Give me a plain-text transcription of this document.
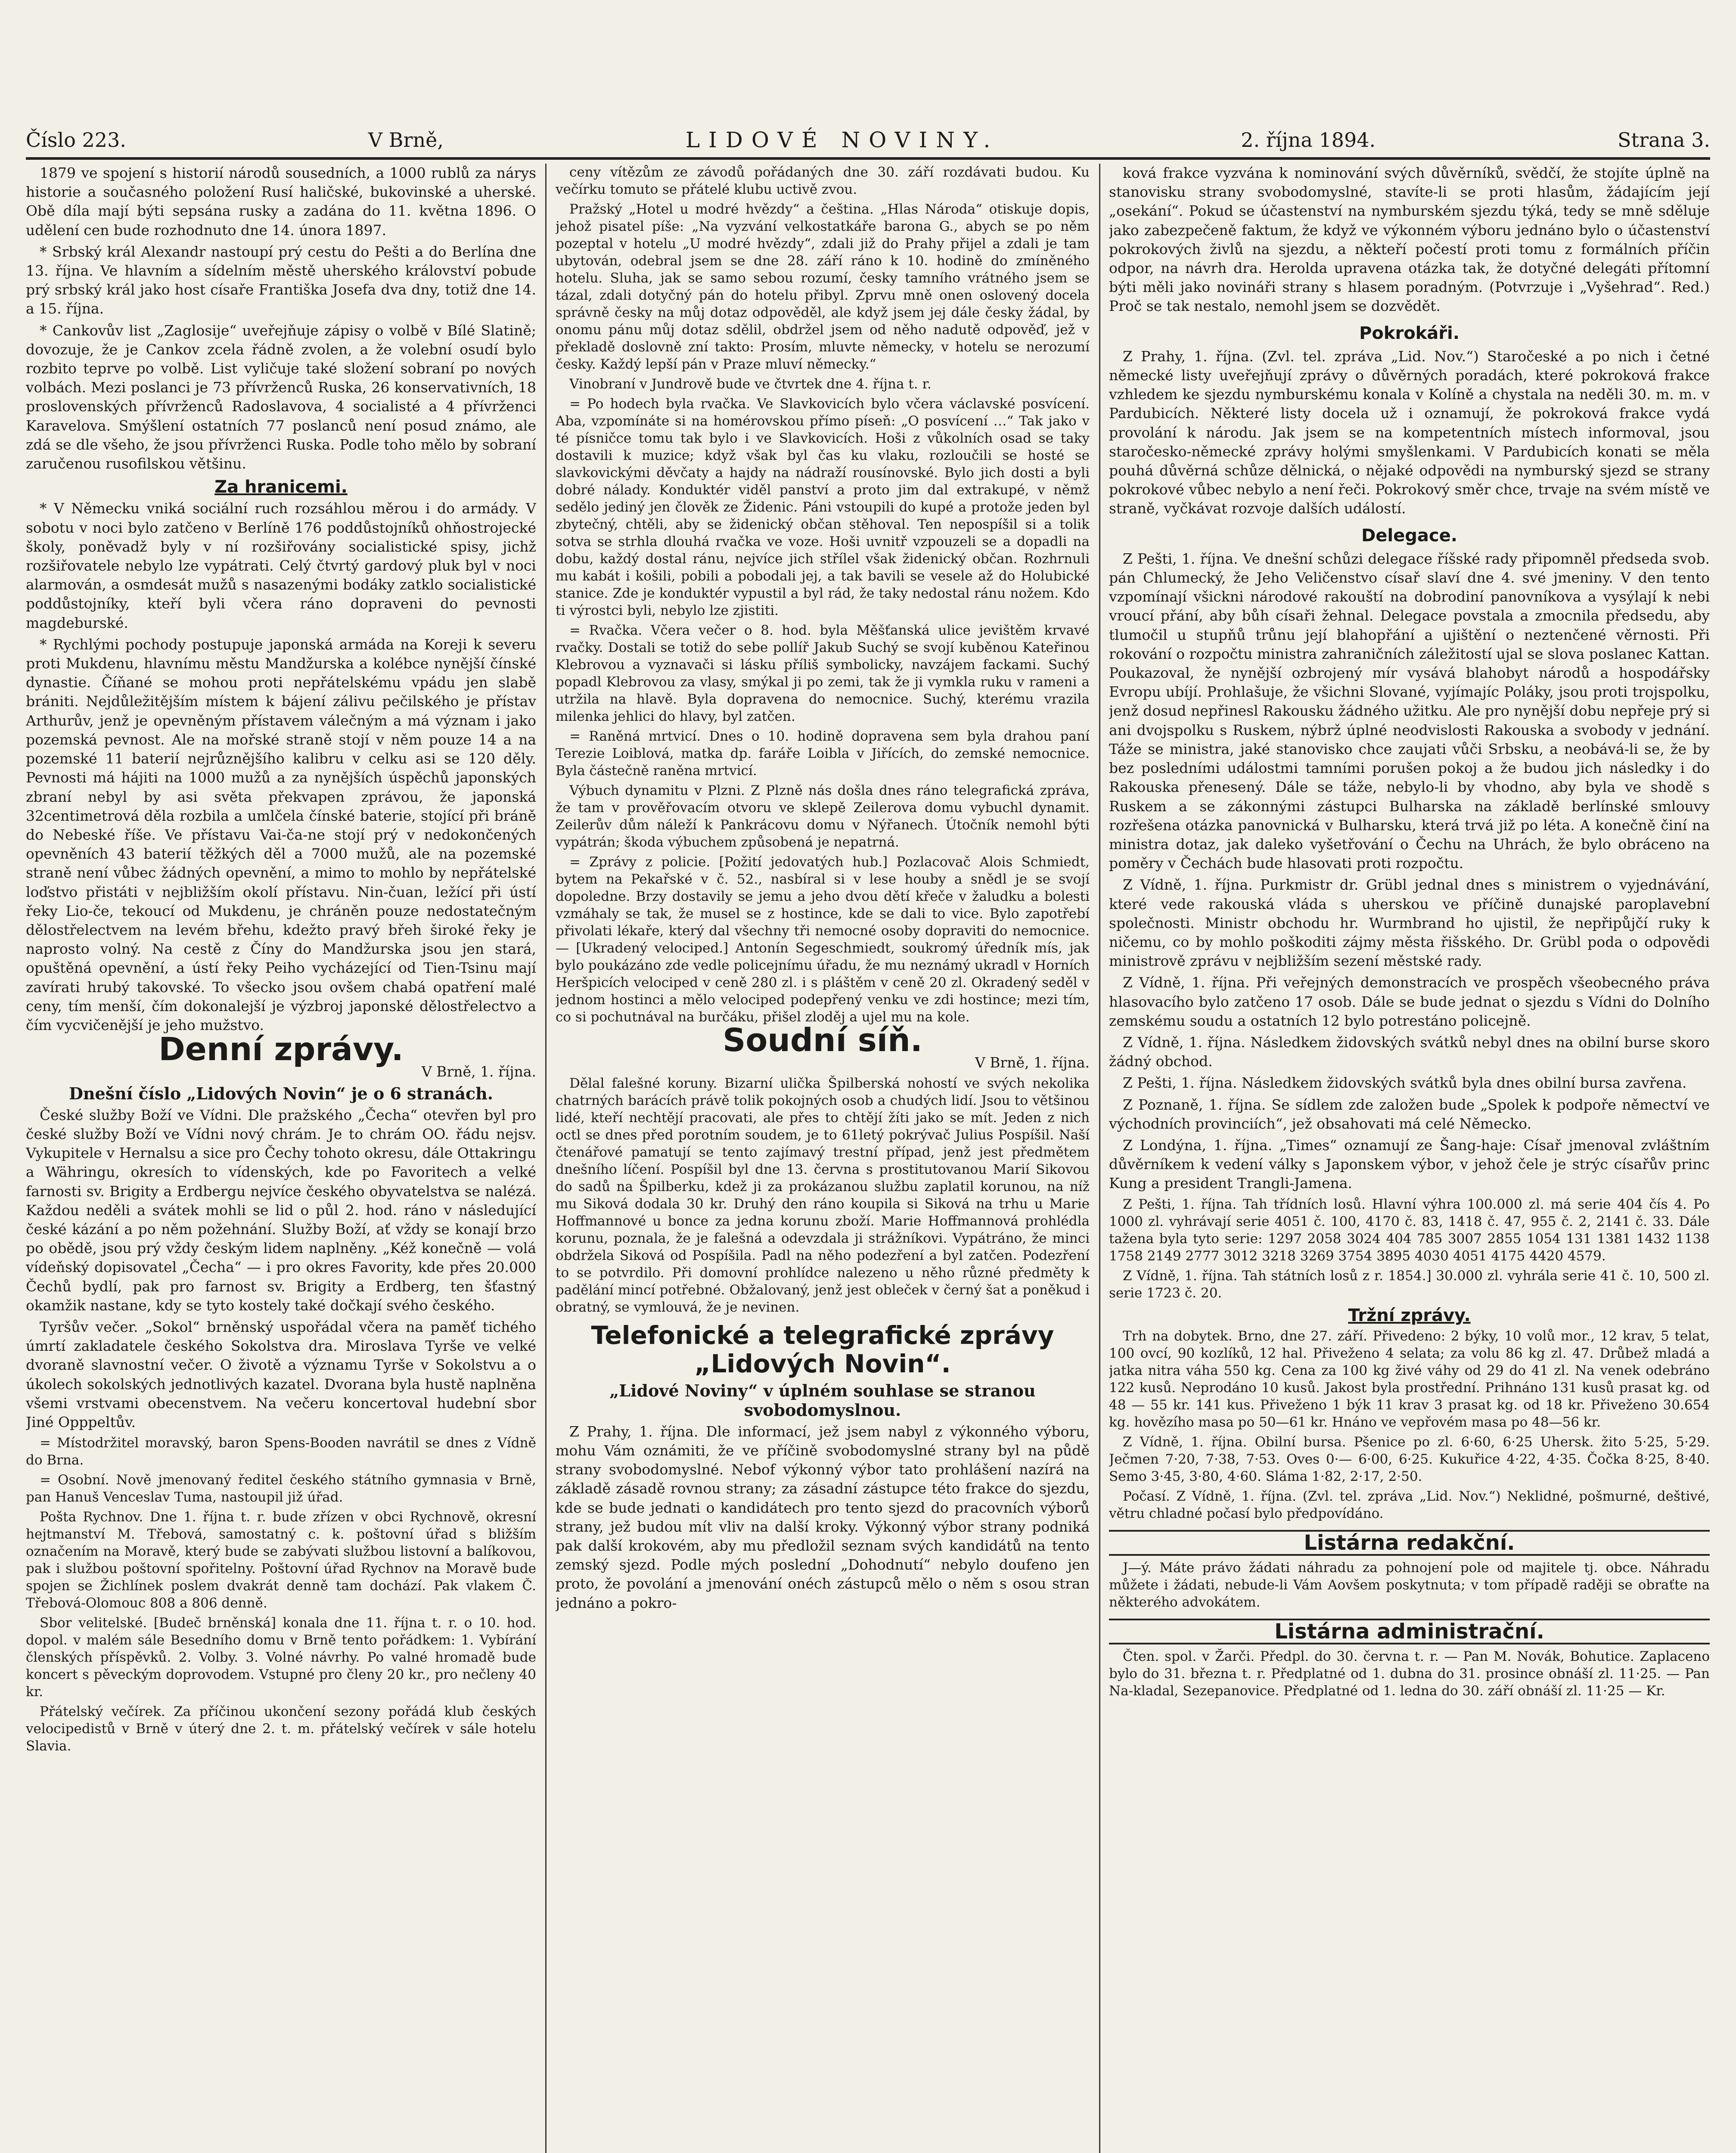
Číslo 223.	V Brně,	LIDOVÉ NOVINY.	2. října 1894.	Strana 3.

1879 ve spojení s historií národů sousedních, a 1000 rublů za nárys historie a současného položení Rusí haličské, bukovinské a uherské. Obě díla mají býti sepsána rusky a zadána do 11. května 1896. O udělení cen bude rozhodnuto dne 14. února 1897.

* Srbský král Alexandr nastoupí prý cestu do Pešti a do Berlína dne 13. října. Ve hlavním a sídelním městě uherského království pobude prý srbský král jako host císaře Františka Josefa dva dny, totiž dne 14. a 15. října.

* Cankovův list „Zaglosije“ uveřejňuje zápisy o volbě v Bílé Slatině; dovozuje, že je Cankov zcela řádně zvolen, a že volební osudí bylo rozbito teprve po volbě. List vyličuje také složení sobraní po nových volbách. Mezi poslanci je 73 přívrženců Ruska, 26 konservativních, 18 proslovenských přívrženců Radoslavova, 4 socialisté a 4 přívrženci Karavelova. Smýšlení ostatních 77 poslanců není posud známo, ale zdá se dle všeho, že jsou přívrženci Ruska. Podle toho mělo by sobraní zaručenou rusofilskou většinu.

Za hranicemi.

* V Německu vniká sociální ruch rozsáhlou měrou i do armády. V sobotu v noci bylo zatčeno v Berlíně 176 poddůstojníků ohňostrojecké školy, poněvadž byly v ní rozšiřovány socialistické spisy, jichž rozšiřovatele nebylo lze vypátrati. Celý čtvrtý gardový pluk byl v noci alarmován, a osmdesát mužů s nasazenými bodáky zatklo socialistické poddůstojníky, kteří byli včera ráno dopraveni do pevnosti magdeburské.

* Rychlými pochody postupuje japonská armáda na Koreji k severu proti Mukdenu, hlavnímu městu Mandžurska a kolébce nynější čínské dynastie. Číňané se mohou proti nepřátelskému vpádu jen slabě brániti. Nejdůležitějším místem k bájení zálivu pečilského je přístav Arthurův, jenž je opevněným přístavem válečným a má význam i jako pozemská pevnost. Ale na mořské straně stojí v něm pouze 14 a na pozemské 11 baterií nejrůznějšího kalibru v celku asi se 120 děly. Pevnosti má hájiti na 1000 mužů a za nynějších úspěchů japonských zbraní nebyl by asi světa překvapen zprávou, že japonská 32centimetrová děla rozbila a umlčela čínské baterie, stojící při bráně do Nebeské říše. Ve přístavu Vai-ča-ne stojí prý v nedokončených opevněních 43 baterií těžkých děl a 7000 mužů, ale na pozemské straně není vůbec žádných opevnění, a mimo to mohlo by nepřátelské loďstvo přistáti v nejbližším okolí přístavu. Nin-čuan, ležící při ústí řeky Lio-če, tekoucí od Mukdenu, je chráněn pouze nedostatečným dělostřelectvem na levém břehu, kdežto pravý břeh široké řeky je naprosto volný. Na cestě z Číny do Mandžurska jsou jen stará, opuštěná opevnění, a ústí řeky Peiho vycházející od Tien-Tsinu mají zavírati hrubý takovské. To všecko jsou ovšem chabá opatření malé ceny, tím menší, čím dokonalejší je výzbroj japonské dělostřelectvo a čím vycvičenější je jeho mužstvo.

Denní zprávy.

V Brně, 1. října.

Dnešní číslo „Lidových Novin“ je o 6 stranách.

České služby Boží ve Vídni. Dle pražského „Čecha“ otevřen byl pro české služby Boží ve Vídni nový chrám. Je to chrám OO. řádu nejsv. Vykupitele v Hernalsu a sice pro Čechy tohoto okresu, dále Ottakringu a Währingu, okresích to vídenských, kde po Favoritech a velké farnosti sv. Brigity a Erdbergu nejvíce českého obyvatelstva se nalézá. Každou neděli a svátek mohli se lid o půl 2. hod. ráno v následující české kázání a po něm požehnání. Služby Boží, ať vždy se konají brzo po obědě, jsou prý vždy českým lidem naplněny. „Kéž konečně — volá vídeňský dopisovatel „Čecha“ — i pro okres Favority, kde přes 20.000 Čechů bydlí, pak pro farnost sv. Brigity a Erdberg, ten šťastný okamžik nastane, kdy se tyto kostely také dočkají svého českého.

Tyršův večer. „Sokol“ brněnský uspořádal včera na paměť tichého úmrtí zakladatele českého Sokolstva dra. Miroslava Tyrše ve velké dvoraně slavnostní večer. O životě a významu Tyrše v Sokolstvu a o úkolech sokolských jednotlivých kazatel. Dvorana byla hustě naplněna všemi vrstvami obecenstvem. Na večeru koncertoval hudební sbor Jiné Opppeltův.

= Místodržitel moravský, baron Spens-Booden navrátil se dnes z Vídně do Brna.

= Osobní. Nově jmenovaný ředitel českého státního gymnasia v Brně, pan Hanuš Venceslav Tuma, nastoupil již úřad.

Pošta Rychnov. Dne 1. října t. r. bude zřízen v obci Rychnově, okresní hejtmanství M. Třebová, samostatný c. k. poštovní úřad s bližším označením na Moravě, který bude se zabývati službou listovní a balíkovou, pak i službou poštovní spořitelny. Poštovní úřad Rychnov na Moravě bude spojen se Žichlínek poslem dvakrát denně tam dochází. Pak vlakem Č. Třebová-Olomouc 808 a 806 denně.

Sbor velitelské. [Budeč brněnská] konala dne 11. října t. r. o 10. hod. dopol. v malém sále Besedního domu v Brně tento pořádkem: 1. Vybírání členských příspěvků. 2. Volby. 3. Volné návrhy. Po valné hromadě bude koncert s pěveckým doprovodem. Vstupné pro členy 20 kr., pro nečleny 40 kr.

Přátelský večírek. Za příčinou ukončení sezony pořádá klub českých velocipedistů v Brně v úterý dne 2. t. m. přátelský večírek v sále hotelu Slavia.

ceny vítězům ze závodů pořádaných dne 30. září rozdávati budou. Ku večírku tomuto se přátelé klubu uctivě zvou.

Pražský „Hotel u modré hvězdy“ a čeština. „Hlas Národa“ otiskuje dopis, jehož pisatel píše: „Na vyzvání velkostatkáře barona G., abych se po něm pozeptal v hotelu „U modré hvězdy“, zdali již do Prahy přijel a zdali je tam ubytován, odebral jsem se dne 28. září ráno k 10. hodině do zmíněného hotelu. Sluha, jak se samo sebou rozumí, česky tamního vrátného jsem se tázal, zdali dotyčný pán do hotelu přibyl. Zprvu mně onen oslovený docela správně česky na můj dotaz odpověděl, ale když jsem jej dále česky žádal, by onomu pánu můj dotaz sdělil, obdržel jsem od něho nadutě odpověď, jež v překladě doslovně zní takto: Prosím, mluvte německy, v hotelu se nerozumí česky. Každý lepší pán v Praze mluví německy.“

Vinobraní v Jundrově bude ve čtvrtek dne 4. října t. r.

= Po hodech byla rvačka. Ve Slavkovicích bylo včera václavské posvícení. Aba, vzpomínáte si na homérovskou přímo píseň: „O posvícení …“ Tak jako v té písničce tomu tak bylo i ve Slavkovicích. Hoši z vůkolních osad se taky dostavili k muzice; když však byl čas ku vlaku, rozloučili se hosté se slavkovickými děvčaty a hajdy na nádraží rousínovské. Bylo jich dosti a byli dobré nálady. Konduktér viděl panství a proto jim dal extrakupé, v němž sedělo jediný jen člověk ze Židenic. Páni vstoupili do kupé a protože jeden byl zbytečný, chtěli, aby se židenický občan stěhoval. Ten nepospíšil si a tolik sotva se strhla dlouhá rvačka ve voze. Hoši uvnitř vzpouzeli se a dopadli na dobu, každý dostal ránu, nejvíce jich střílel však židenický občan. Rozhrnuli mu kabát i košili, pobili a pobodali jej, a tak bavili se vesele až do Holubické stanice. Zde je konduktér vypustil a byl rád, že taky nedostal ránu nožem. Kdo ti výrostci byli, nebylo lze zjistiti.

= Rvačka. Včera večer o 8. hod. byla Měšťanská ulice jevištěm krvavé rvačky. Dostali se totiž do sebe pollíř Jakub Suchý se svojí kuběnou Kateřinou Klebrovou a vyznavači si lásku příliš symbolicky, navzájem fackami. Suchý popadl Klebrovou za vlasy, smýkal ji po zemi, tak že ji vymkla ruku v rameni a utržila na hlavě. Byla dopravena do nemocnice. Suchý, kterému vrazila milenka jehlici do hlavy, byl zatčen.

= Raněná mrtvicí. Dnes o 10. hodině dopravena sem byla drahou paní Terezie Loiblová, matka dp. faráře Loibla v Jiřících, do zemské nemocnice. Byla částečně raněna mrtvicí.

Výbuch dynamitu v Plzni. Z Plzně nás došla dnes ráno telegrafická zpráva, že tam v prověřovacím otvoru ve sklepě Zeilerova domu vybuchl dynamit. Zeilerův dům náleží k Pankrácovu domu v Nýřanech. Útočník nemohl býti vypátrán; škoda výbuchem způsobená je nepatrná.

= Zprávy z policie. [Požití jedovatých hub.] Pozlacovač Alois Schmiedt, bytem na Pekařské v č. 52., nasbíral si v lese houby a snědl je se svojí dopoledne. Brzy dostavily se jemu a jeho dvou dětí křeče v žaludku a bolesti vzmáhaly se tak, že musel se z hostince, kde se dali to vice. Bylo zapotřebí přivolati lékaře, který dal všechny tři nemocné osoby dopraviti do nemocnice. — [Ukradený velociped.] Antonín Segeschmiedt, soukromý úředník mís, jak bylo poukázáno zde vedle policejnímu úřadu, že mu neznámý ukradl v Horních Heršpicích velociped v ceně 280 zl. i s pláštěm v ceně 20 zl. Okradený seděl v jednom hostinci a mělo velociped podepřený venku ve zdi hostince; mezi tím, co si pochutnával na burčáku, přišel zloděj a ujel mu na kole.

Soudní síň.

V Brně, 1. října.

Dělal falešné koruny. Bizarní ulička Špilberská nohostí ve svých nekolika chatrných barácích právě tolik pokojných osob a chudých lidí. Jsou to většinou lidé, kteří nechtějí pracovati, ale přes to chtějí žíti jako se mít. Jeden z nich octl se dnes před porotním soudem, je to 61letý pokrývač Julius Pospíšil. Naší čtenářové pamatují se tento zajímavý trestní případ, jenž jest předmětem dnešního líčení. Pospíšil byl dne 13. června s prostitutovanou Marií Sikovou do sadů na Špilberku, kdež ji za prokázanou službu zaplatil korunou, na níž mu Siková dodala 30 kr. Druhý den ráno koupila si Siková na trhu u Marie Hoffmannové u bonce za jedna korunu zboží. Marie Hoffmannová prohlédla korunu, poznala, že je falešná a odevzdala ji strážníkovi. Vypátráno, že minci obdržela Siková od Pospíšila. Padl na něho podezření a byl zatčen. Podezření to se potvrdilo. Při domovní prohlídce nalezeno u něho různé předměty k padělání mincí potřebné. Obžalovaný, jenž jest obleček v černý šat a poněkud i obratný, se vymlouvá, že je nevinen.

Telefonické a telegrafické zprávy „Lidových Novin“.

„Lidové Noviny“ v úplném souhlase se stranou svobodomyslnou.

Z Prahy, 1. října. Dle informací, jež jsem nabyl z výkonného výboru, mohu Vám oznámiti, že ve příčině svobodomyslné strany byl na půdě strany svobodomyslné. Nebof výkonný výbor tato prohlášení nazírá na základě zásadě rovnou strany; za zásadní zástupce této frakce do sjezdu, kde se bude jednati o kandidátech pro tento sjezd do pracovních výborů strany, jež budou mít vliv na další kroky. Výkonný výbor strany podniká pak další krokovém, aby mu předložil seznam svých kandidátů na tento zemský sjezd. Podle mých poslední „Dohodnutí“ nebylo doufeno jen proto, že povolání a jmenování onéch zástupců mělo o něm s osou stran jednáno a pokro-

ková frakce vyzvána k nominování svých důvěrníků, svědčí, že stojíte úplně na stanovisku strany svobodomyslné, stavíte-li se proti hlasům, žádajícím její „osekání“. Pokud se účastenství na nymburském sjezdu týká, tedy se mně sděluje jako zabezpečeně faktum, že když ve výkonném výboru jednáno bylo o účastenství pokrokových živlů na sjezdu, a někteří počestí proti tomu z formálních příčin odpor, na návrh dra. Herolda upravena otázka tak, že dotyčné delegáti přítomní býti měli jako novináři strany s hlasem poradným. (Potvrzuje i „Vyšehrad“. Red.) Proč se tak nestalo, nemohl jsem se dozvědět.

Pokrokáři.

Z Prahy, 1. října. (Zvl. tel. zpráva „Lid. Nov.“) Staročeské a po nich i četné německé listy uveřejňují zprávy o důvěrných poradách, které pokroková frakce vzhledem ke sjezdu nymburskému konala v Kolíně a chystala na neděli 30. m. m. v Pardubicích. Některé listy docela už i oznamují, že pokroková frakce vydá provolání k národu. Jak jsem se na kompetentních místech informoval, jsou staročesko-německé zprávy holými smyšlenkami. V Pardubicích konati se měla pouhá důvěrná schůze dělnická, o nějaké odpovědi na nymburský sjezd se strany pokrokové vůbec nebylo a není řeči. Pokrokový směr chce, trvaje na svém místě ve straně, vyčkávat rozvoje dalších událostí.

Delegace.

Z Pešti, 1. října. Ve dnešní schůzi delegace říšské rady připomněl předseda svob. pán Chlumecký, že Jeho Veličenstvo císař slaví dne 4. své jmeniny. V den tento vzpomínají všickni národové rakouští na dobrodiní panovníkova a vysýlají k nebi vroucí přání, aby bůh císaři žehnal. Delegace povstala a zmocnila předsedu, aby tlumočil u stupňů trůnu její blahopřání a ujištění o neztenčené věrnosti. Při rokování o rozpočtu ministra zahraničních záležitostí ujal se slova poslanec Kattan. Poukazoval, že nynější ozbrojený mír vysává blahobyt národů a hospodářsky Evropu ubíjí. Prohlašuje, že všichni Slované, vyjímajíc Poláky, jsou proti trojspolku, jenž dosud nepřinesl Rakousku žádného užitku. Ale pro nynější dobu nepřeje prý si ani dvojspolku s Ruskem, nýbrž úplné neodvislosti Rakouska a svobody v jednání. Táže se ministra, jaké stanovisko chce zaujati vůči Srbsku, a neobává-li se, že by bez posledními událostmi tamními porušen pokoj a že budou jich následky i do Rakouska přenesený. Dále se táže, nebylo-li by vhodno, aby byla ve shodě s Ruskem a se zákonnými zástupci Bulharska na základě berlínské smlouvy rozřešena otázka panovnická v Bulharsku, která trvá již po léta. A konečně činí na ministra dotaz, jak daleko vyšetřování o Čechu na Uhrách, že bylo obráceno na poměry v Čechách bude hlasovati proti rozpočtu.

Z Vídně, 1. října. Purkmistr dr. Grübl jednal dnes s ministrem o vyjednávání, které vede rakouská vláda s uherskou ve příčině dunajské paroplavební společnosti. Ministr obchodu hr. Wurmbrand ho ujistil, že nepřipůjčí ruky k ničemu, co by mohlo poškoditi zájmy města řišského. Dr. Grübl poda o odpovědi ministrově zprávu v nejbližším sezení městské rady.

Z Vídně, 1. října. Při veřejných demonstracích ve prospěch všeobecného práva hlasovacího bylo zatčeno 17 osob. Dále se bude jednat o sjezdu s Vídni do Dolního zemskému soudu a ostatních 12 bylo potrestáno policejně.

Z Vídně, 1. října. Následkem židovských svátků nebyl dnes na obilní burse skoro žádný obchod.

Z Pešti, 1. října. Následkem židovských svátků byla dnes obilní bursa zavřena.

Z Poznaně, 1. října. Se sídlem zde založen bude „Spolek k podpoře němectví ve východních provinciích“, jež obsahovati má celé Německo.

Z Londýna, 1. října. „Times“ oznamují ze Šang-haje: Císař jmenoval zvláštním důvěrníkem k vedení války s Japonskem výbor, v jehož čele je strýc císařův princ Kung a president Trangli-Jamena.

Z Pešti, 1. října. Tah třídních losů. Hlavní výhra 100.000 zl. má serie 404 čís 4. Po 1000 zl. vyhrávají serie 4051 č. 100, 4170 č. 83, 1418 č. 47, 955 č. 2, 2141 č. 33. Dále tažena byla tyto serie: 1297 2058 3024 404 785 3007 2855 1054 131 1381 1432 1138 1758 2149 2777 3012 3218 3269 3754 3895 4030 4051 4175 4420 4579.

Z Vídně, 1. října. Tah státních losů z r. 1854.] 30.000 zl. vyhrála serie 41 č. 10, 500 zl. serie 1723 č. 20.

Tržní zprávy.

Trh na dobytek. Brno, dne 27. září. Přivedeno: 2 býky, 10 volů mor., 12 krav, 5 telat, 100 ovcí, 90 kozlíků, 12 hal. Přiveženo 4 selata; za volu 86 kg zl. 47. Drůbež mladá a jatka nitra váha 550 kg. Cena za 100 kg živé váhy od 29 do 41 zl. Na venek odebráno 122 kusů. Neprodáno 10 kusů. Jakost byla prostřední. Prihnáno 131 kusů prasat kg. od 48 — 55 kr. 141 kus. Přiveženo 1 býk 11 krav 3 prasat kg. od 18 kr. Přiveženo 30.654 kg. hovězího masa po 50—61 kr. Hnáno ve vepřovém masa po 48—56 kr.

Z Vídně, 1. října. Obilní bursa. Pšenice po zl. 6·60, 6·25 Uhersk. žito 5·25, 5·29. Ječmen 7·20, 7·38, 7·53. Oves 0·— 6·00, 6·25. Kukuřice 4·22, 4·35. Čočka 8·25, 8·40. Semo 3·45, 3·80, 4·60. Sláma 1·82, 2·17, 2·50.

Počasí. Z Vídně, 1. října. (Zvl. tel. zpráva „Lid. Nov.“) Neklidné, pošmurné, deštivé, větru chladné počasí bylo předpovídáno.

Listárna redakční.

J—ý. Máte právo žádati náhradu za pohnojení pole od majitele tj. obce. Náhradu můžete i žádati, nebude-li Vám Aovšem poskytnuta; v tom případě raději se obraťte na některého advokátem.

Listárna administrační.

Čten. spol. v Žarči. Předpl. do 30. června t. r. — Pan M. Novák, Bohutice. Zaplaceno bylo do 31. března t. r. Předplatné od 1. dubna do 31. prosince obnáší zl. 11·25. — Pan Na-kladal, Sezepanovice. Předplatné od 1. ledna do 30. září obnáší zl. 11·25 — Kr.
